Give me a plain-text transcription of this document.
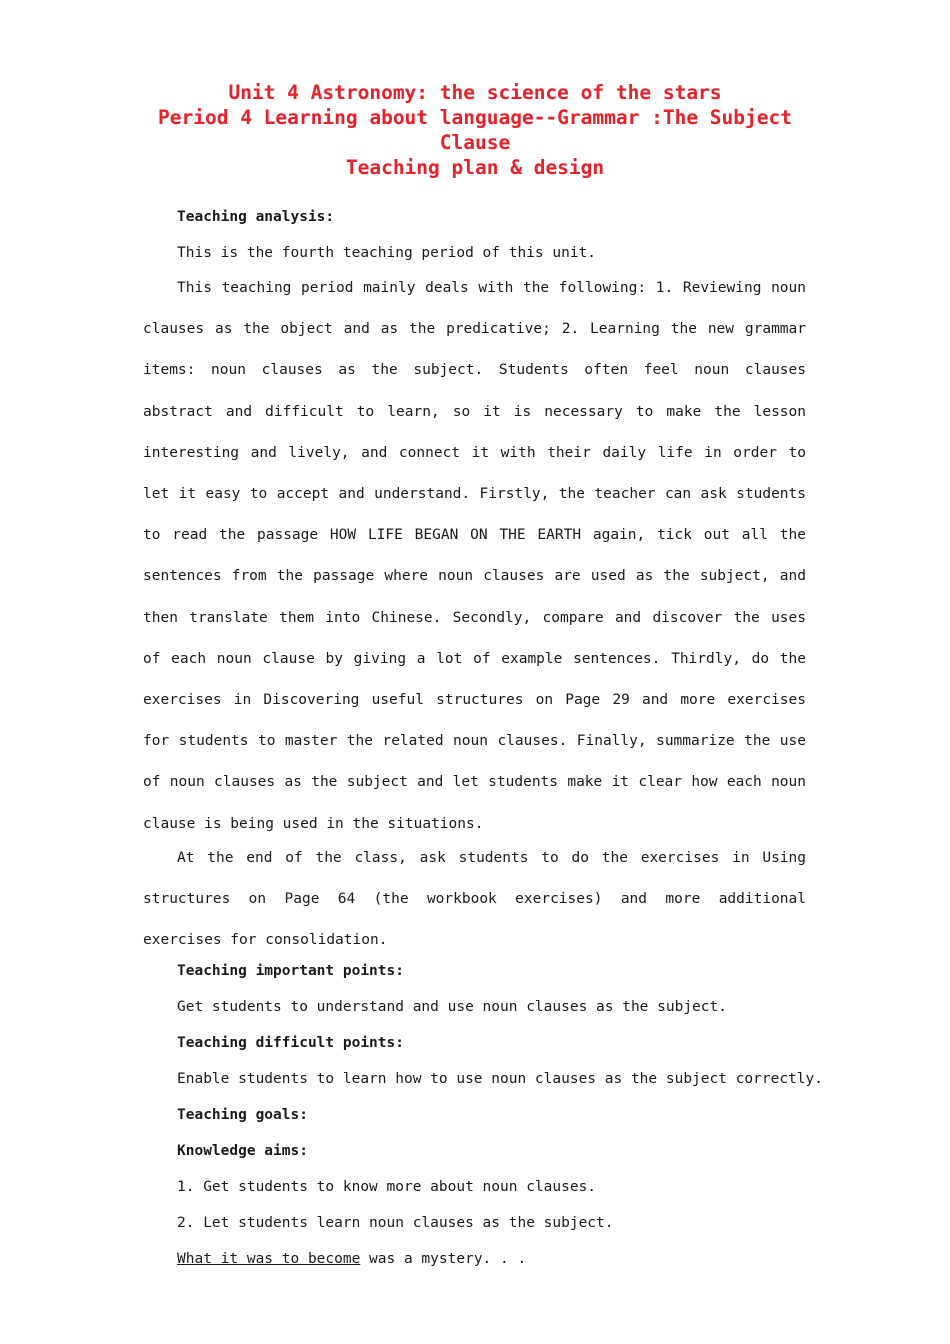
Unit 4 Astronomy: the science of the stars
Period 4 Learning about language--Grammar :The Subject
Clause
Teaching plan & design
Teaching analysis:
This is the fourth teaching period of this unit.

This teaching period mainly deals with the following: 1. Reviewing noun clauses as the object and as the predicative; 2. Learning the new grammar items: noun clauses as the subject. Students often feel noun clauses abstract and difficult to learn, so it is necessary to make the lesson interesting and lively, and connect it with their daily life in order to let it easy to accept and understand. Firstly, the teacher can ask students to read the passage HOW LIFE BEGAN ON THE EARTH again, tick out all the sentences from the passage where noun clauses are used as the subject, and then translate them into Chinese. Secondly, compare and discover the uses of each noun clause by giving a lot of example sentences. Thirdly, do the exercises in Discovering useful structures on Page 29 and more exercises for students to master the related noun clauses. Finally, summarize the use of noun clauses as the subject and let students make it clear how each noun clause is being used in the situations.

At the end of the class, ask students to do the exercises in Using structures on Page 64 (the workbook exercises) and more additional exercises for consolidation.

Teaching important points:
Get students to understand and use noun clauses as the subject.
Teaching difficult points:
Enable students to learn how to use noun clauses as the subject correctly.
Teaching goals:
Knowledge aims:
1. Get students to know more about noun clauses.
2. Let students learn noun clauses as the subject.
What it was to become was a mystery. . .
